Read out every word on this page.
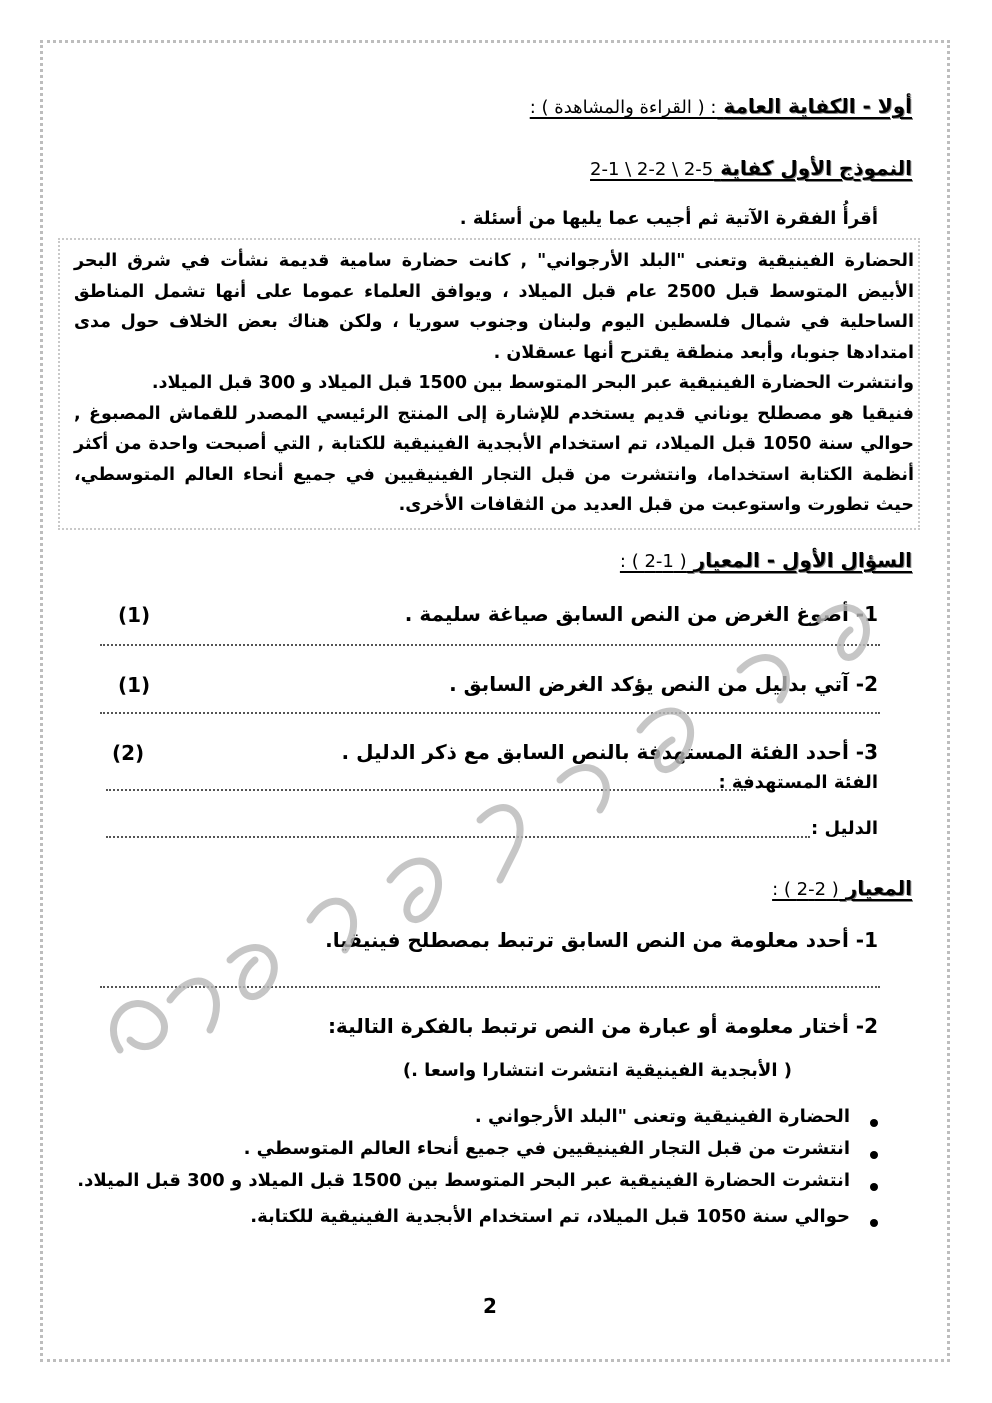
أولا - الكفاية العامة : ( القراءة والمشاهدة ) :
النموذج الأول كفاية 2-1 \ 2-2 \ 2-5
أقرأُ الفقرة الآتية ثم أجيب عما يليها من أسئلة .

الحضارة الفينيقية وتعنى "البلد الأرجواني" , كانت حضارة سامية قديمة نشأت في شرق البحر الأبيض المتوسط قبل 2500 عام قبل الميلاد ، ويوافق العلماء عموما على أنها تشمل المناطق الساحلية في شمال فلسطين اليوم ولبنان وجنوب سوريا ، ولكن هناك بعض الخلاف حول مدى امتدادها جنوبا، وأبعد منطقة يقترح أنها عسقلان .

وانتشرت الحضارة الفينيقية عبر البحر المتوسط بين 1500 قبل الميلاد و 300 قبل الميلاد.

فنيقيا هو مصطلح يوناني قديم يستخدم للإشارة إلى المنتج الرئيسي المصدر للقماش المصبوغ , حوالي سنة 1050 قبل الميلاد، تم استخدام الأبجدية الفينيقية للكتابة , التي أصبحت واحدة من أكثر أنظمة الكتابة استخداما، وانتشرت من قبل التجار الفينيقيين في جميع أنحاء العالم المتوسطي، حيث تطورت واستوعبت من قبل العديد من الثقافات الأخرى.

السؤال الأول - المعيار ( 1-2 ) :
1- أصوغ الغرض من النص السابق صياغة سليمة .
(1)
2- آتي بدليل من النص يؤكد الغرض السابق .
(1)
3- أحدد الفئة المستهدفة بالنص السابق مع ذكر الدليل .
(2)
الفئة المستهدفة :
الدليل :
المعيار ( 2-2 ) :
1- أحدد معلومة من النص السابق ترتبط بمصطلح فينيقيا.
2- أختار معلومة أو عبارة من النص ترتبط بالفكرة التالية:
( الأبجدية الفينيقية انتشرت انتشارا واسعا .)
الحضارة الفينيقية وتعنى "البلد الأرجواني .
انتشرت من قبل التجار الفينيقيين في جميع أنحاء العالم المتوسطي .
انتشرت الحضارة الفينيقية عبر البحر المتوسط بين 1500 قبل الميلاد و 300 قبل الميلاد.
حوالي سنة 1050 قبل الميلاد، تم استخدام الأبجدية الفينيقية للكتابة.
2
